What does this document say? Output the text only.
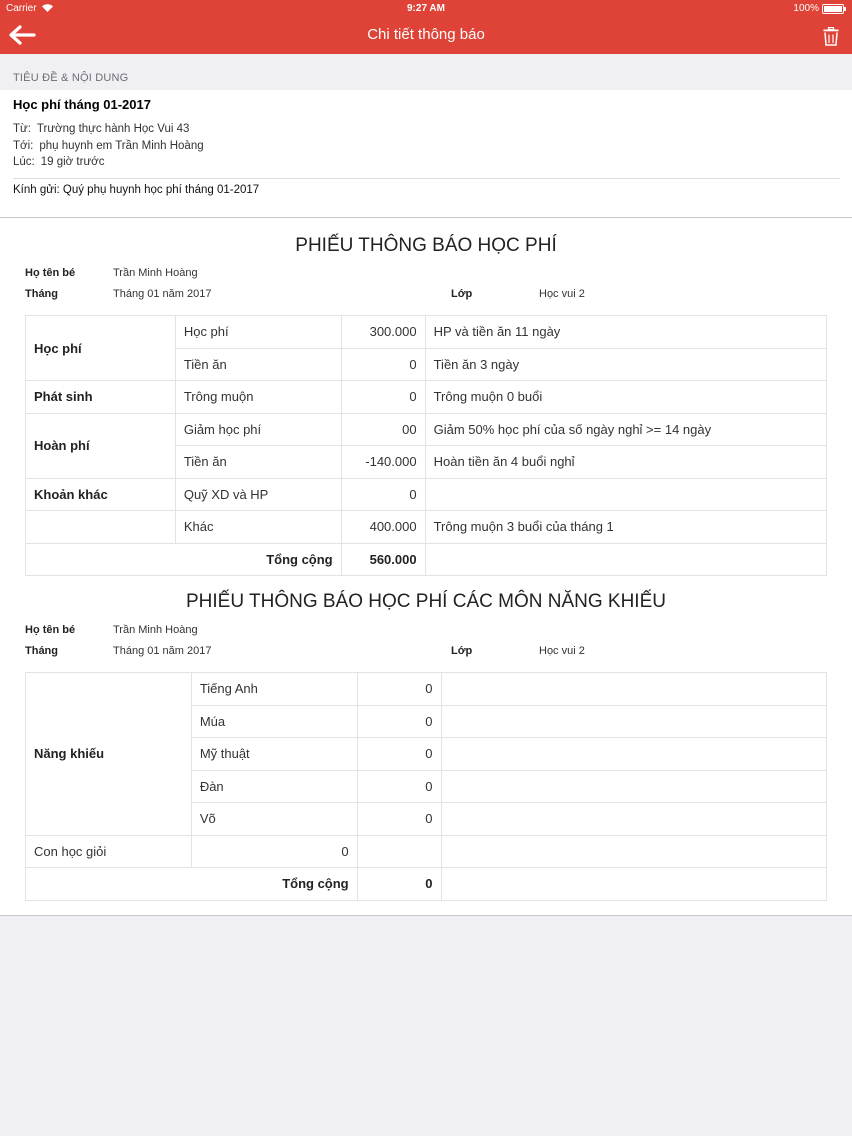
Carrier	9:27 AM	100%
Chi tiết thông báo
TIÊU ĐỀ & NỘI DUNG
Học phí tháng 01-2017
Từ: Trường thực hành Học Vui 43
Tới: phụ huynh em Trần Minh Hoàng
Lúc: 19 giờ trước
Kính gửi: Quý phụ huynh học phí tháng 01-2017
PHIẾU THÔNG BÁO HỌC PHÍ
Họ tên bé	Trần Minh Hoàng
Tháng	Tháng 01 năm 2017	Lớp	Học vui 2
Học phí	Học phí	300.000	HP và tiền ăn 11 ngày
	Tiền ăn	0	Tiền ăn 3 ngày
Phát sinh	Trông muộn	0	Trông muộn 0 buổi
Hoàn phí	Giảm học phí	00	Giảm 50% học phí của số ngày nghỉ >= 14 ngày
	Tiền ăn	-140.000	Hoàn tiền ăn 4 buổi nghỉ
Khoản khác	Quỹ XD và HP	0	
	Khác	400.000	Trông muộn 3 buổi của tháng 1
Tổng cộng		560.000	
PHIẾU THÔNG BÁO HỌC PHÍ CÁC MÔN NĂNG KHIẾU
Họ tên bé	Trần Minh Hoàng
Tháng	Tháng 01 năm 2017	Lớp	Học vui 2
Năng khiếu	Tiếng Anh	0	
	Múa	0	
	Mỹ thuật	0	
	Đàn	0	
	Võ	0	
Con học giỏi	0		
Tổng cộng		0	
